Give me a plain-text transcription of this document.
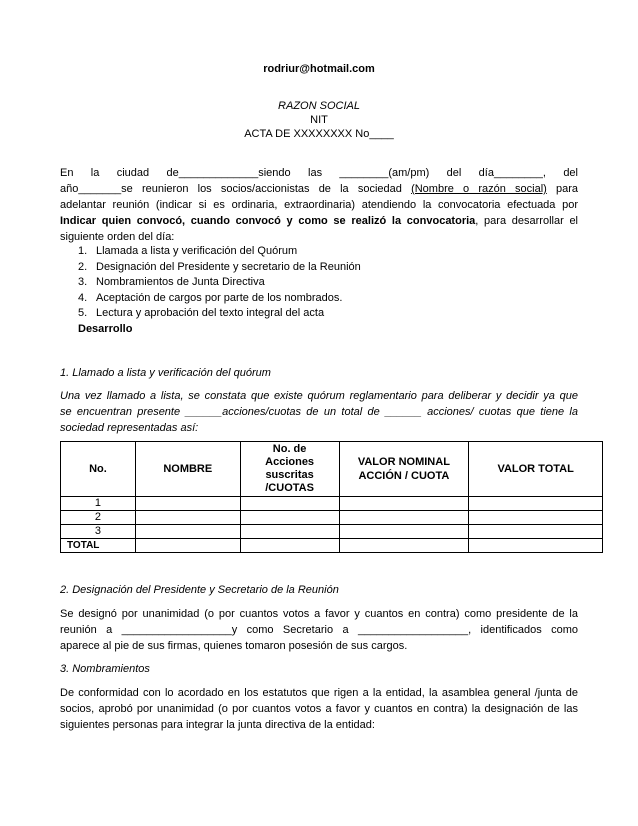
rodriur@hotmail.com
RAZON SOCIAL
NIT
ACTA DE XXXXXXXX No____
En la ciudad de_____________siendo las ________(am/pm) del día________, del
año_______se reunieron los socios/accionistas de la sociedad (Nombre o razón social) para
adelantar reunión (indicar si es ordinaria, extraordinaria) atendiendo la convocatoria efectuada por
Indicar quien convocó, cuando convocó y como se realizó la convocatoria, para desarrollar el
siguiente orden del día:
1. Llamada a lista y verificación del Quórum
2. Designación del Presidente y secretario de la Reunión
3. Nombramientos de Junta Directiva
4. Aceptación de cargos por parte de los nombrados.
5. Lectura y aprobación del texto integral del acta
Desarrollo
1. Llamado a lista y verificación del quórum
Una vez llamado a lista, se constata que existe quórum reglamentario para deliberar y decidir ya que
se encuentran presente ______acciones/cuotas de un total de ______ acciones/ cuotas que tiene la
sociedad representadas así:
No.	NOMBRE	No. de
Acciones
suscritas
/CUOTAS	VALOR NOMINAL
ACCIÓN / CUOTA	VALOR TOTAL
1				
2				
3				
TOTAL				
2. Designación del Presidente y Secretario de la Reunión
Se designó por unanimidad (o por cuantos votos a favor y cuantos en contra) como presidente de la
reunión a __________________y como Secretario a __________________, identificados como
aparece al pie de sus firmas, quienes tomaron posesión de sus cargos.
3. Nombramientos
De conformidad con lo acordado en los estatutos que rigen a la entidad, la asamblea general /junta de
socios, aprobó por unanimidad (o por cuantos votos a favor y cuantos en contra) la designación de las
siguientes personas para integrar la junta directiva de la entidad:
